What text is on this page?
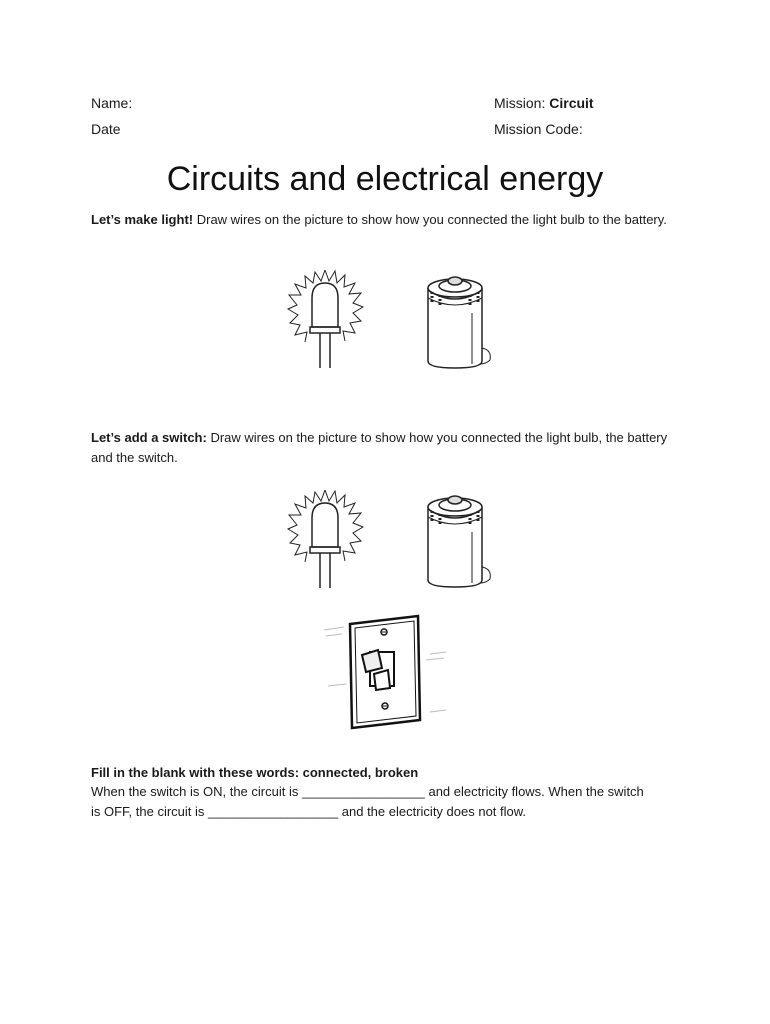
Name:
Date
Mission: Circuit
Mission Code:
Circuits and electrical energy
Let’s make light! Draw wires on the picture to show how you connected the light bulb to the battery.
Let’s add a switch: Draw wires on the picture to show how you connected the light bulb, the battery and the switch.
Fill in the blank with these words: connected, broken
When the switch is ON, the circuit is _________________ and electricity flows. When the switch is OFF, the circuit is __________________ and the electricity does not flow.
